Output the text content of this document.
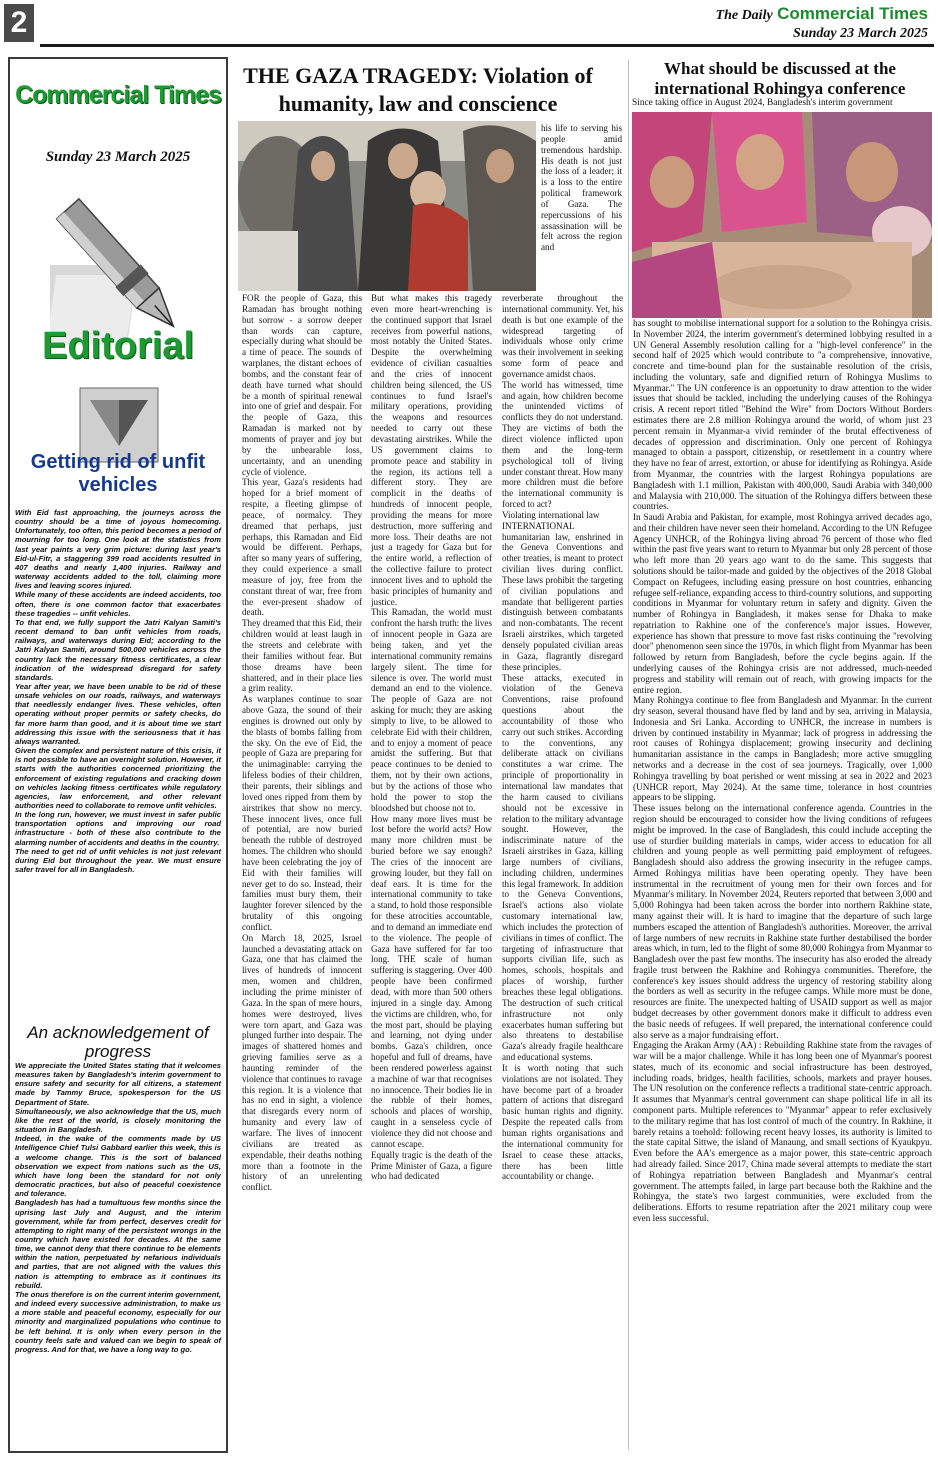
2	The Daily Commercial Times
Sunday 23 March 2025
Commercial Times
Sunday 23 March 2025
Editorial
Getting rid of unfit vehicles

With Eid fast approaching, the journeys across the country should be a time of joyous homecoming. Unfortunately, too often, this period becomes a period of mourning for too long. One look at the statistics from last year paints a very grim picture: during last year's Eid-ul-Fitr, a staggering 399 road accidents resulted in 407 deaths and nearly 1,400 injuries. Railway and waterway accidents added to the toll, claiming more lives and leaving scores injured.

While many of these accidents are indeed accidents, too often, there is one common factor that exacerbates these tragedies -- unfit vehicles.

To that end, we fully support the Jatri Kalyan Samiti's recent demand to ban unfit vehicles from roads, railways, and waterways during Eid; according to the Jatri Kalyan Samiti, around 500,000 vehicles across the country lack the necessary fitness certificates, a clear indication of the widespread disregard for safety standards.

Year after year, we have been unable to be rid of these unsafe vehicles on our roads, railways, and waterways that needlessly endanger lives. These vehicles, often operating without proper permits or safety checks, do far more harm than good, and it is about time we start addressing this issue with the seriousness that it has always warranted.

Given the complex and persistent nature of this crisis, it is not possible to have an overnight solution. However, it starts with the authorities concerned prioritizing the enforcement of existing regulations and cracking down on vehicles lacking fitness certificates while regulatory agencies, law enforcement, and other relevant authorities need to collaborate to remove unfit vehicles.

In the long run, however, we must invest in safer public transportation options and improving our road infrastructure - both of these also contribute to the alarming number of accidents and deaths in the country.

The need to get rid of unfit vehicles is not just relevant during Eid but throughout the year. We must ensure safer travel for all in Bangladesh.

An acknowledgement of progress

We appreciate the United States stating that it welcomes measures taken by Bangladesh's interim government to ensure safety and security for all citizens, a statement made by Tammy Bruce, spokesperson for the US Department of State.

Simultaneously, we also acknowledge that the US, much like the rest of the world, is closely monitoring the situation in Bangladesh.

Indeed, in the wake of the comments made by US Intelligence Chief Tulsi Gabbard earlier this week, this is a welcome change. This is the sort of balanced observation we expect from nations such as the US, which have long been the standard for not only democratic practices, but also of peaceful coexistence and tolerance.

Bangladesh has had a tumultuous few months since the uprising last July and August, and the interim government, while far from perfect, deserves credit for attempting to right many of the persistent wrongs in the country which have existed for decades. At the same time, we cannot deny that there continue to be elements within the nation, perpetuated by nefarious individuals and parties, that are not aligned with the values this nation is attempting to embrace as it continues its rebuild.

The onus therefore is on the current interim government, and indeed every successive administration, to make us a more stable and peaceful economy, especially for our minority and marginalized populations who continue to be left behind. It is only when every person in the country feels safe and valued can we begin to speak of progress. And for that, we have a long way to go.

THE GAZA TRAGEDY: Violation of humanity, law and conscience

FOR the people of Gaza, this Ramadan has brought nothing but sorrow - a sorrow deeper than words can capture, especially during what should be a time of peace. The sounds of warplanes, the distant echoes of bombs, and the constant fear of death have turned what should be a month of spiritual renewal into one of grief and despair. For the people of Gaza, this Ramadan is marked not by moments of prayer and joy but by the unbearable loss, uncertainty, and an unending cycle of violence.

This year, Gaza's residents had hoped for a brief moment of respite, a fleeting glimpse of peace, of normalcy. They dreamed that perhaps, just perhaps, this Ramadan and Eid would be different. Perhaps, after so many years of suffering, they could experience a small measure of joy, free from the constant threat of war, free from the ever-present shadow of death.

They dreamed that this Eid, their children would at least laugh in the streets and celebrate with their families without fear. But those dreams have been shattered, and in their place lies a grim reality.

As warplanes continue to soar above Gaza, the sound of their engines is drowned out only by the blasts of bombs falling from the sky. On the eve of Eid, the people of Gaza are preparing for the unimaginable: carrying the lifeless bodies of their children, their parents, their siblings and loved ones ripped from them by airstrikes that show no mercy. These innocent lives, once full of potential, are now buried beneath the rubble of destroyed homes. The children who should have been celebrating the joy of Eid with their families will never get to do so. Instead, their families must bury them, their laughter forever silenced by the brutality of this ongoing conflict.

On March 18, 2025, Israel launched a devastating attack on Gaza, one that has claimed the lives of hundreds of innocent men, women and children, including the prime minister of Gaza. In the span of mere hours, homes were destroyed, lives were torn apart, and Gaza was plunged further into despair. The images of shattered homes and grieving families serve as a haunting reminder of the violence that continues to ravage this region. It is a violence that has no end in sight, a violence that disregards every norm of humanity and every law of warfare. The lives of innocent civilians are treated as expendable, their deaths nothing more than a footnote in the history of an unrelenting conflict.

But what makes this tragedy even more heart-wrenching is the continued support that Israel receives from powerful nations, most notably the United States. Despite the overwhelming evidence of civilian casualties and the cries of innocent children being silenced, the US continues to fund Israel's military operations, providing the weapons and resources needed to carry out these devastating airstrikes. While the US government claims to promote peace and stability in the region, its actions tell a different story. They are complicit in the deaths of hundreds of innocent people, providing the means for more destruction, more suffering and more loss. Their deaths are not just a tragedy for Gaza but for the entire world, a reflection of the collective failure to protect innocent lives and to uphold the basic principles of humanity and justice.

This Ramadan, the world must confront the harsh truth: the lives of innocent people in Gaza are being taken, and yet the international community remains largely silent. The time for silence is over. The world must demand an end to the violence. The people of Gaza are not asking for much; they are asking simply to live, to be allowed to celebrate Eid with their children, and to enjoy a moment of peace amidst the suffering. But that peace continues to be denied to them, not by their own actions, but by the actions of those who hold the power to stop the bloodshed but choose not to.

How many more lives must be lost before the world acts? How many more children must be buried before we say enough? The cries of the innocent are growing louder, but they fall on deaf ears. It is time for the international community to take a stand, to hold those responsible for these atrocities accountable, and to demand an immediate end to the violence. The people of Gaza have suffered for far too long. THE scale of human suffering is staggering. Over 400 people have been confirmed dead, with more than 500 others injured in a single day. Among the victims are children, who, for the most part, should be playing and learning, not dying under bombs. Gaza's children, once hopeful and full of dreams, have been rendered powerless against a machine of war that recognises no innocence. Their bodies lie in the rubble of their homes, schools and places of worship, caught in a senseless cycle of violence they did not choose and cannot escape.

Equally tragic is the death of the Prime Minister of Gaza, a figure who had dedicated

his life to serving his people amid tremendous hardship. His death is not just the loss of a leader; it is a loss to the entire political framework of Gaza. The repercussions of his assassination will be felt across the region and

reverberate throughout the international community. Yet, his death is but one example of the widespread targeting of individuals whose only crime was their involvement in seeking some form of peace and governance amidst chaos.

The world has witnessed, time and again, how children become the unintended victims of conflicts they do not understand. They are victims of both the direct violence inflicted upon them and the long-term psychological toll of living under constant threat. How many more children must die before the international community is forced to act?

Violating international law

INTERNATIONAL humanitarian law, enshrined in the Geneva Conventions and other treaties, is meant to protect civilian lives during conflict. These laws prohibit the targeting of civilian populations and mandate that belligerent parties distinguish between combatants and non-combatants. The recent Israeli airstrikes, which targeted densely populated civilian areas in Gaza, flagrantly disregard these principles.

These attacks, executed in violation of the Geneva Conventions, raise profound questions about the accountability of those who carry out such strikes. According to the conventions, any deliberate attack on civilians constitutes a war crime. The principle of proportionality in international law mandates that the harm caused to civilians should not be excessive in relation to the military advantage sought. However, the indiscriminate nature of the Israeli airstrikes in Gaza, killing large numbers of civilians, including children, undermines this legal framework. In addition to the Geneva Conventions, Israel's actions also violate customary international law, which includes the protection of civilians in times of conflict. The targeting of infrastructure that supports civilian life, such as homes, schools, hospitals and places of worship, further breaches these legal obligations. The destruction of such critical infrastructure not only exacerbates human suffering but also threatens to destabilise Gaza's already fragile healthcare and educational systems.

It is worth noting that such violations are not isolated. They have become part of a broader pattern of actions that disregard basic human rights and dignity. Despite the repeated calls from human rights organisations and the international community for Israel to cease these attacks, there has been little accountability or change.

What should be discussed at the international Rohingya conference
Since taking office in August 2024, Bangladesh's interim government

has sought to mobilise international support for a solution to the Rohingya crisis. In November 2024, the interim government's determined lobbying resulted in a UN General Assembly resolution calling for a "high-level conference" in the second half of 2025 which would contribute to "a comprehensive, innovative, concrete and time-bound plan for the sustainable resolution of the crisis, including the voluntary, safe and dignified return of Rohingya Muslims to Myanmar." The UN conference is an opportunity to draw attention to the wider issues that should be tackled, including the underlying causes of the Rohingya crisis. A recent report titled "Behind the Wire" from Doctors Without Borders estimates there are 2.8 million Rohingya around the world, of whom just 23 percent remain in Myanmar-a vivid reminder of the brutal effectiveness of decades of oppression and discrimination. Only one percent of Rohingya managed to obtain a passport, citizenship, or resettlement in a country where they have no fear of arrest, extortion, or abuse for identifying as Rohingya. Aside from Myanmar, the countries with the largest Rohingya populations are Bangladesh with 1.1 million, Pakistan with 400,000, Saudi Arabia with 340,000 and Malaysia with 210,000. The situation of the Rohingya differs between these countries.

In Saudi Arabia and Pakistan, for example, most Rohingya arrived decades ago, and their children have never seen their homeland. According to the UN Refugee Agency UNHCR, of the Rohingya living abroad 76 percent of those who fled within the past five years want to return to Myanmar but only 28 percent of those who left more than 20 years ago want to do the same. This suggests that solutions should be tailor-made and guided by the objectives of the 2018 Global Compact on Refugees, including easing pressure on host countries, enhancing refugee self-reliance, expanding access to third-country solutions, and supporting conditions in Myanmar for voluntary return in safety and dignity. Given the number of Rohingya in Bangladesh, it makes sense for Dhaka to make repatriation to Rakhine one of the conference's major issues. However, experience has shown that pressure to move fast risks continuing the "revolving door" phenomenon seen since the 1970s, in which flight from Myanmar has been followed by return from Bangladesh, before the cycle begins again. If the underlying causes of the Rohingya crisis are not addressed, much-needed progress and stability will remain out of reach, with growing impacts for the entire region.

Many Rohingya continue to flee from Bangladesh and Myanmar. In the current dry season, several thousand have fled by land and by sea, arriving in Malaysia, Indonesia and Sri Lanka. According to UNHCR, the increase in numbers is driven by continued instability in Myanmar; lack of progress in addressing the root causes of Rohingya displacement; growing insecurity and declining humanitarian assistance in the camps in Bangladesh; more active smuggling networks and a decrease in the cost of sea journeys. Tragically, over 1,000 Rohingya travelling by boat perished or went missing at sea in 2022 and 2023 (UNHCR report, May 2024). At the same time, tolerance in host countries appears to be slipping.

These issues belong on the international conference agenda. Countries in the region should be encouraged to consider how the living conditions of refugees might be improved. In the case of Bangladesh, this could include accepting the use of sturdier building materials in camps, wider access to education for all children and young people as well permitting paid employment of refugees. Bangladesh should also address the growing insecurity in the refugee camps. Armed Rohingya militias have been operating openly. They have been instrumental in the recruitment of young men for their own forces and for Myanmar's military. In November 2024, Reuters reported that between 3,000 and 5,000 Rohingya had been taken across the border into northern Rakhine state, many against their will. It is hard to imagine that the departure of such large numbers escaped the attention of Bangladesh's authorities. Moreover, the arrival of large numbers of new recruits in Rakhine state further destabilised the border areas which, in turn, led to the flight of some 80,000 Rohingya from Myanmar to Bangladesh over the past few months. The insecurity has also eroded the already fragile trust between the Rakhine and Rohingya communities. Therefore, the conference's key issues should address the urgency of restoring stability along the borders as well as security in the refugee camps. While more must be done, resources are finite. The unexpected halting of USAID support as well as major budget decreases by other government donors make it difficult to address even the basic needs of refugees. If well prepared, the international conference could also serve as a major fundraising effort.

Engaging the Arakan Army (AA) : Rebuilding Rakhine state from the ravages of war will be a major challenge. While it has long been one of Myanmar's poorest states, much of its economic and social infrastructure has been destroyed, including roads, bridges, health facilities, schools, markets and prayer houses. The UN resolution on the conference reflects a traditional state-centric approach. It assumes that Myanmar's central government can shape political life in all its component parts. Multiple references to "Myanmar" appear to refer exclusively to the military regime that has lost control of much of the country. In Rakhine, it barely retains a toehold: following recent heavy losses, its authority is limited to the state capital Sittwe, the island of Manaung, and small sections of Kyaukpyu. Even before the AA's emergence as a major power, this state-centric approach had already failed. Since 2017, China made several attempts to mediate the start of Rohingya repatriation between Bangladesh and Myanmar's central government. The attempts failed, in large part because both the Rakhine and the Rohingya, the state's two largest communities, were excluded from the deliberations. Efforts to resume repatriation after the 2021 military coup were even less successful.
